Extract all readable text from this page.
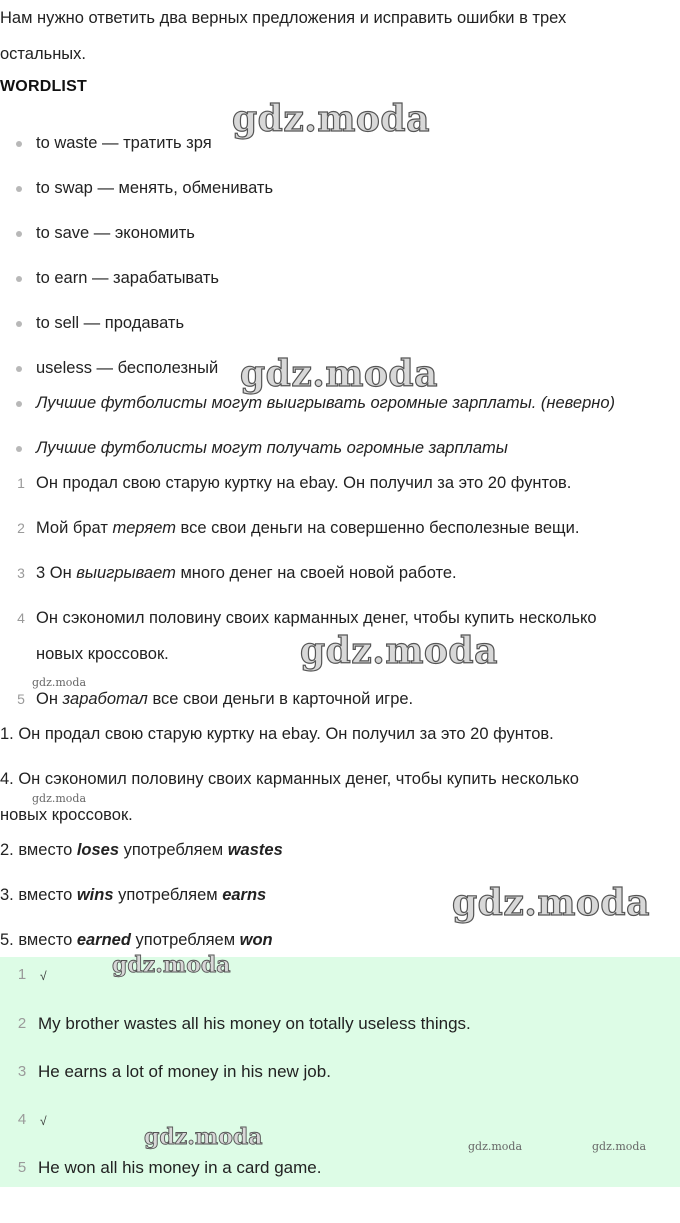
Нам нужно ответить два верных предложения и исправить ошибки в трех
остальных.
WORDLIST
to waste — тратить зря
to swap — менять, обменивать
to save — экономить
to earn — зарабатывать
to sell — продавать
useless — бесполезный
Лучшие футболисты могут выигрывать огромные зарплаты. (неверно)
Лучшие футболисты могут получать огромные зарплаты
1 Он продал свою старую куртку на ebay. Он получил за это 20 фунтов.
2 Мой брат теряет все свои деньги на совершенно бесполезные вещи.
3 3 Он выигрывает много денег на своей новой работе.
4 Он сэкономил половину своих карманных денег, чтобы купить несколько
новых кроссовок.
5 Он заработал все свои деньги в карточной игре.
1. Он продал свою старую куртку на ebay. Он получил за это 20 фунтов.
4. Он сэкономил половину своих карманных денег, чтобы купить несколько
новых кроссовок.
2. вместо loses употребляем wastes
3. вместо wins употребляем earns
5. вместо earned употребляем won
1 √
2 My brother wastes all his money on totally useless things.
3 He earns a lot of money in his new job.
4 √
5 He won all his money in a card game.
gdz.moda
gdz.moda
gdz.moda
gdz.moda
gdz.moda
gdz.moda
gdz.moda
gdz.moda	gdz.moda	gdz.moda
